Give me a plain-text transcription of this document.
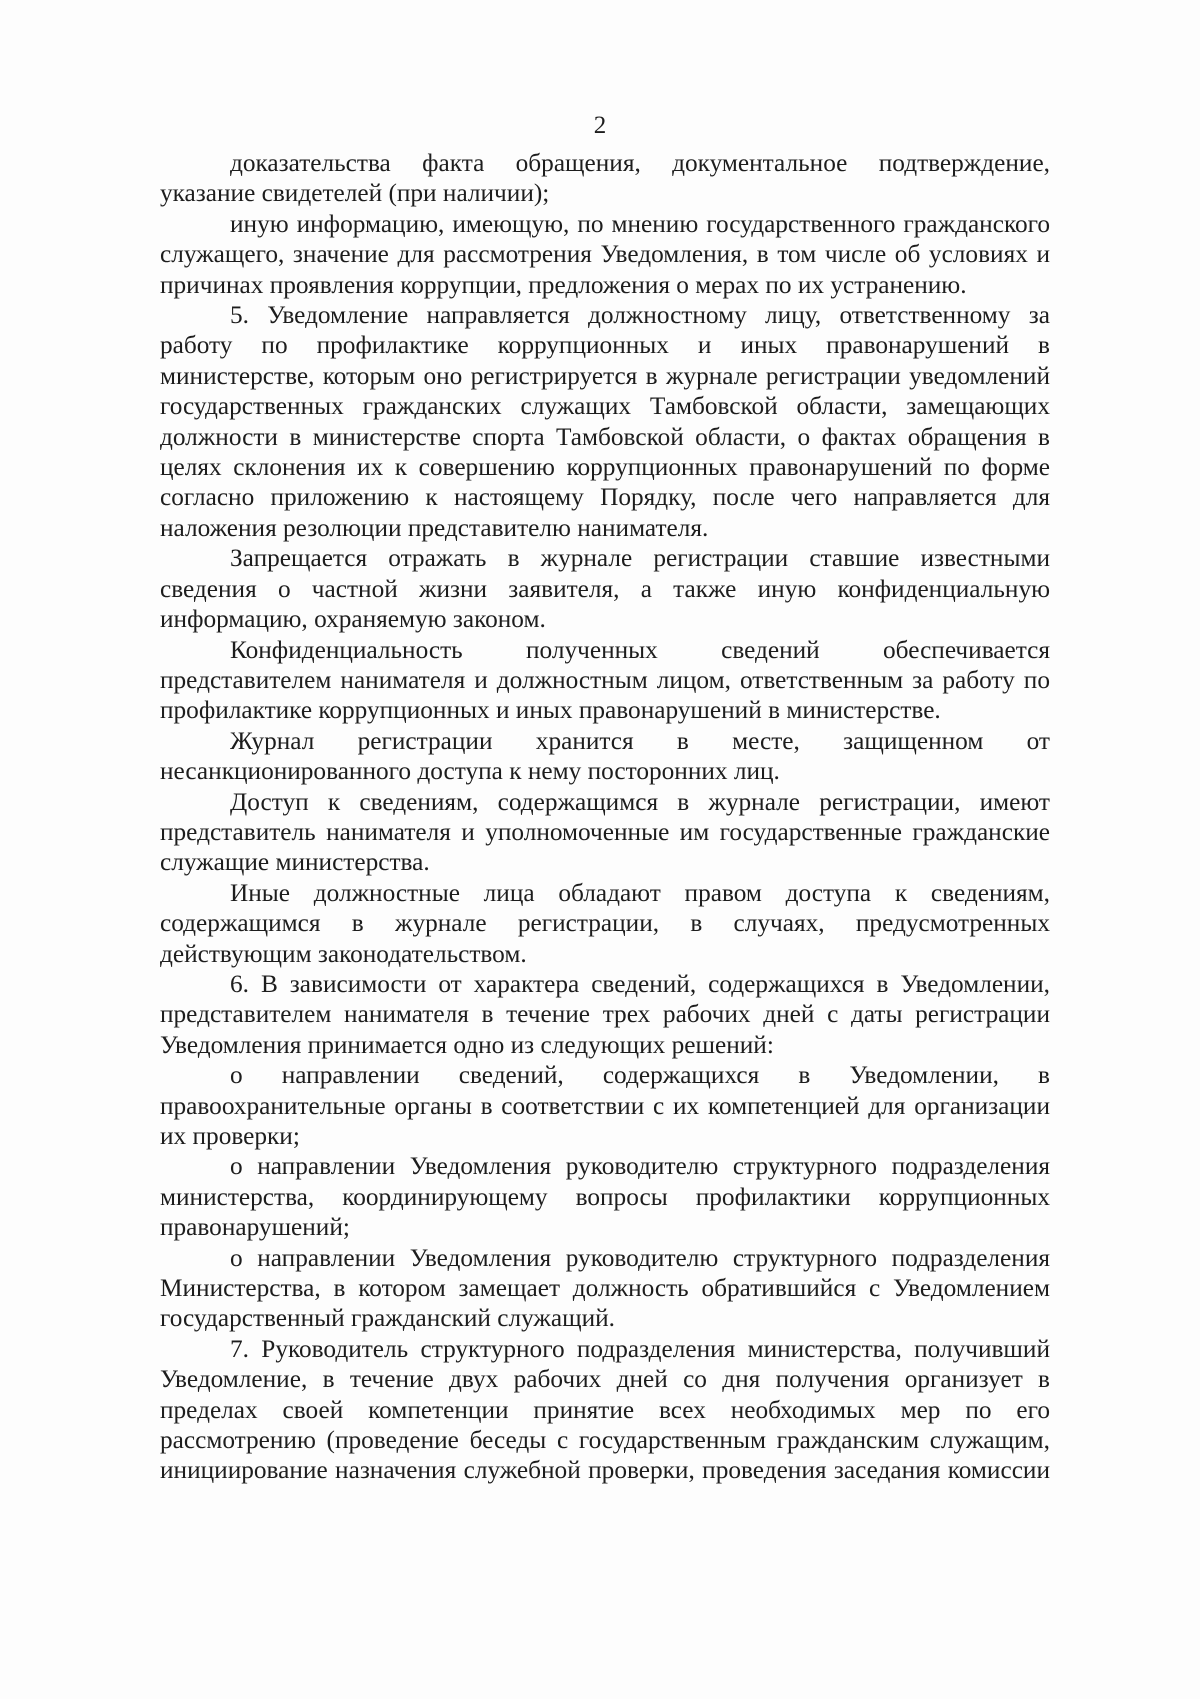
2

доказательства факта обращения, документальное подтверждение, указание свидетелей (при наличии);

иную информацию, имеющую, по мнению государственного гражданского служащего, значение для рассмотрения Уведомления, в том числе об условиях и причинах проявления коррупции, предложения о мерах по их устранению.

5. Уведомление направляется должностному лицу, ответственному за работу по профилактике коррупционных и иных правонарушений в министерстве, которым оно регистрируется в журнале регистрации уведомлений государственных гражданских служащих Тамбовской области, замещающих должности в министерстве спорта Тамбовской области, о фактах обращения в целях склонения их к совершению коррупционных правонарушений по форме согласно приложению к настоящему Порядку, после чего направляется для наложения резолюции представителю нанимателя.

Запрещается отражать в журнале регистрации ставшие известными сведения о частной жизни заявителя, а также иную конфиденциальную информацию, охраняемую законом.

Конфиденциальность полученных сведений обеспечивается представителем нанимателя и должностным лицом, ответственным за работу по профилактике коррупционных и иных правонарушений в министерстве.

Журнал регистрации хранится в месте, защищенном от несанкционированного доступа к нему посторонних лиц.

Доступ к сведениям, содержащимся в журнале регистрации, имеют представитель нанимателя и уполномоченные им государственные гражданские служащие министерства.

Иные должностные лица обладают правом доступа к сведениям, содержащимся в журнале регистрации, в случаях, предусмотренных действующим законодательством.

6. В зависимости от характера сведений, содержащихся в Уведомлении, представителем нанимателя в течение трех рабочих дней с даты регистрации Уведомления принимается одно из следующих решений:

о направлении сведений, содержащихся в Уведомлении, в правоохранительные органы в соответствии с их компетенцией для организации их проверки;

о направлении Уведомления руководителю структурного подразделения министерства, координирующему вопросы профилактики коррупционных правонарушений;

о направлении Уведомления руководителю структурного подразделения Министерства, в котором замещает должность обратившийся с Уведомлением государственный гражданский служащий.

7. Руководитель структурного подразделения министерства, получивший Уведомление, в течение двух рабочих дней со дня получения организует в пределах своей компетенции принятие всех необходимых мер по его рассмотрению (проведение беседы с государственным гражданским служащим, инициирование назначения служебной проверки, проведения заседания комиссии
